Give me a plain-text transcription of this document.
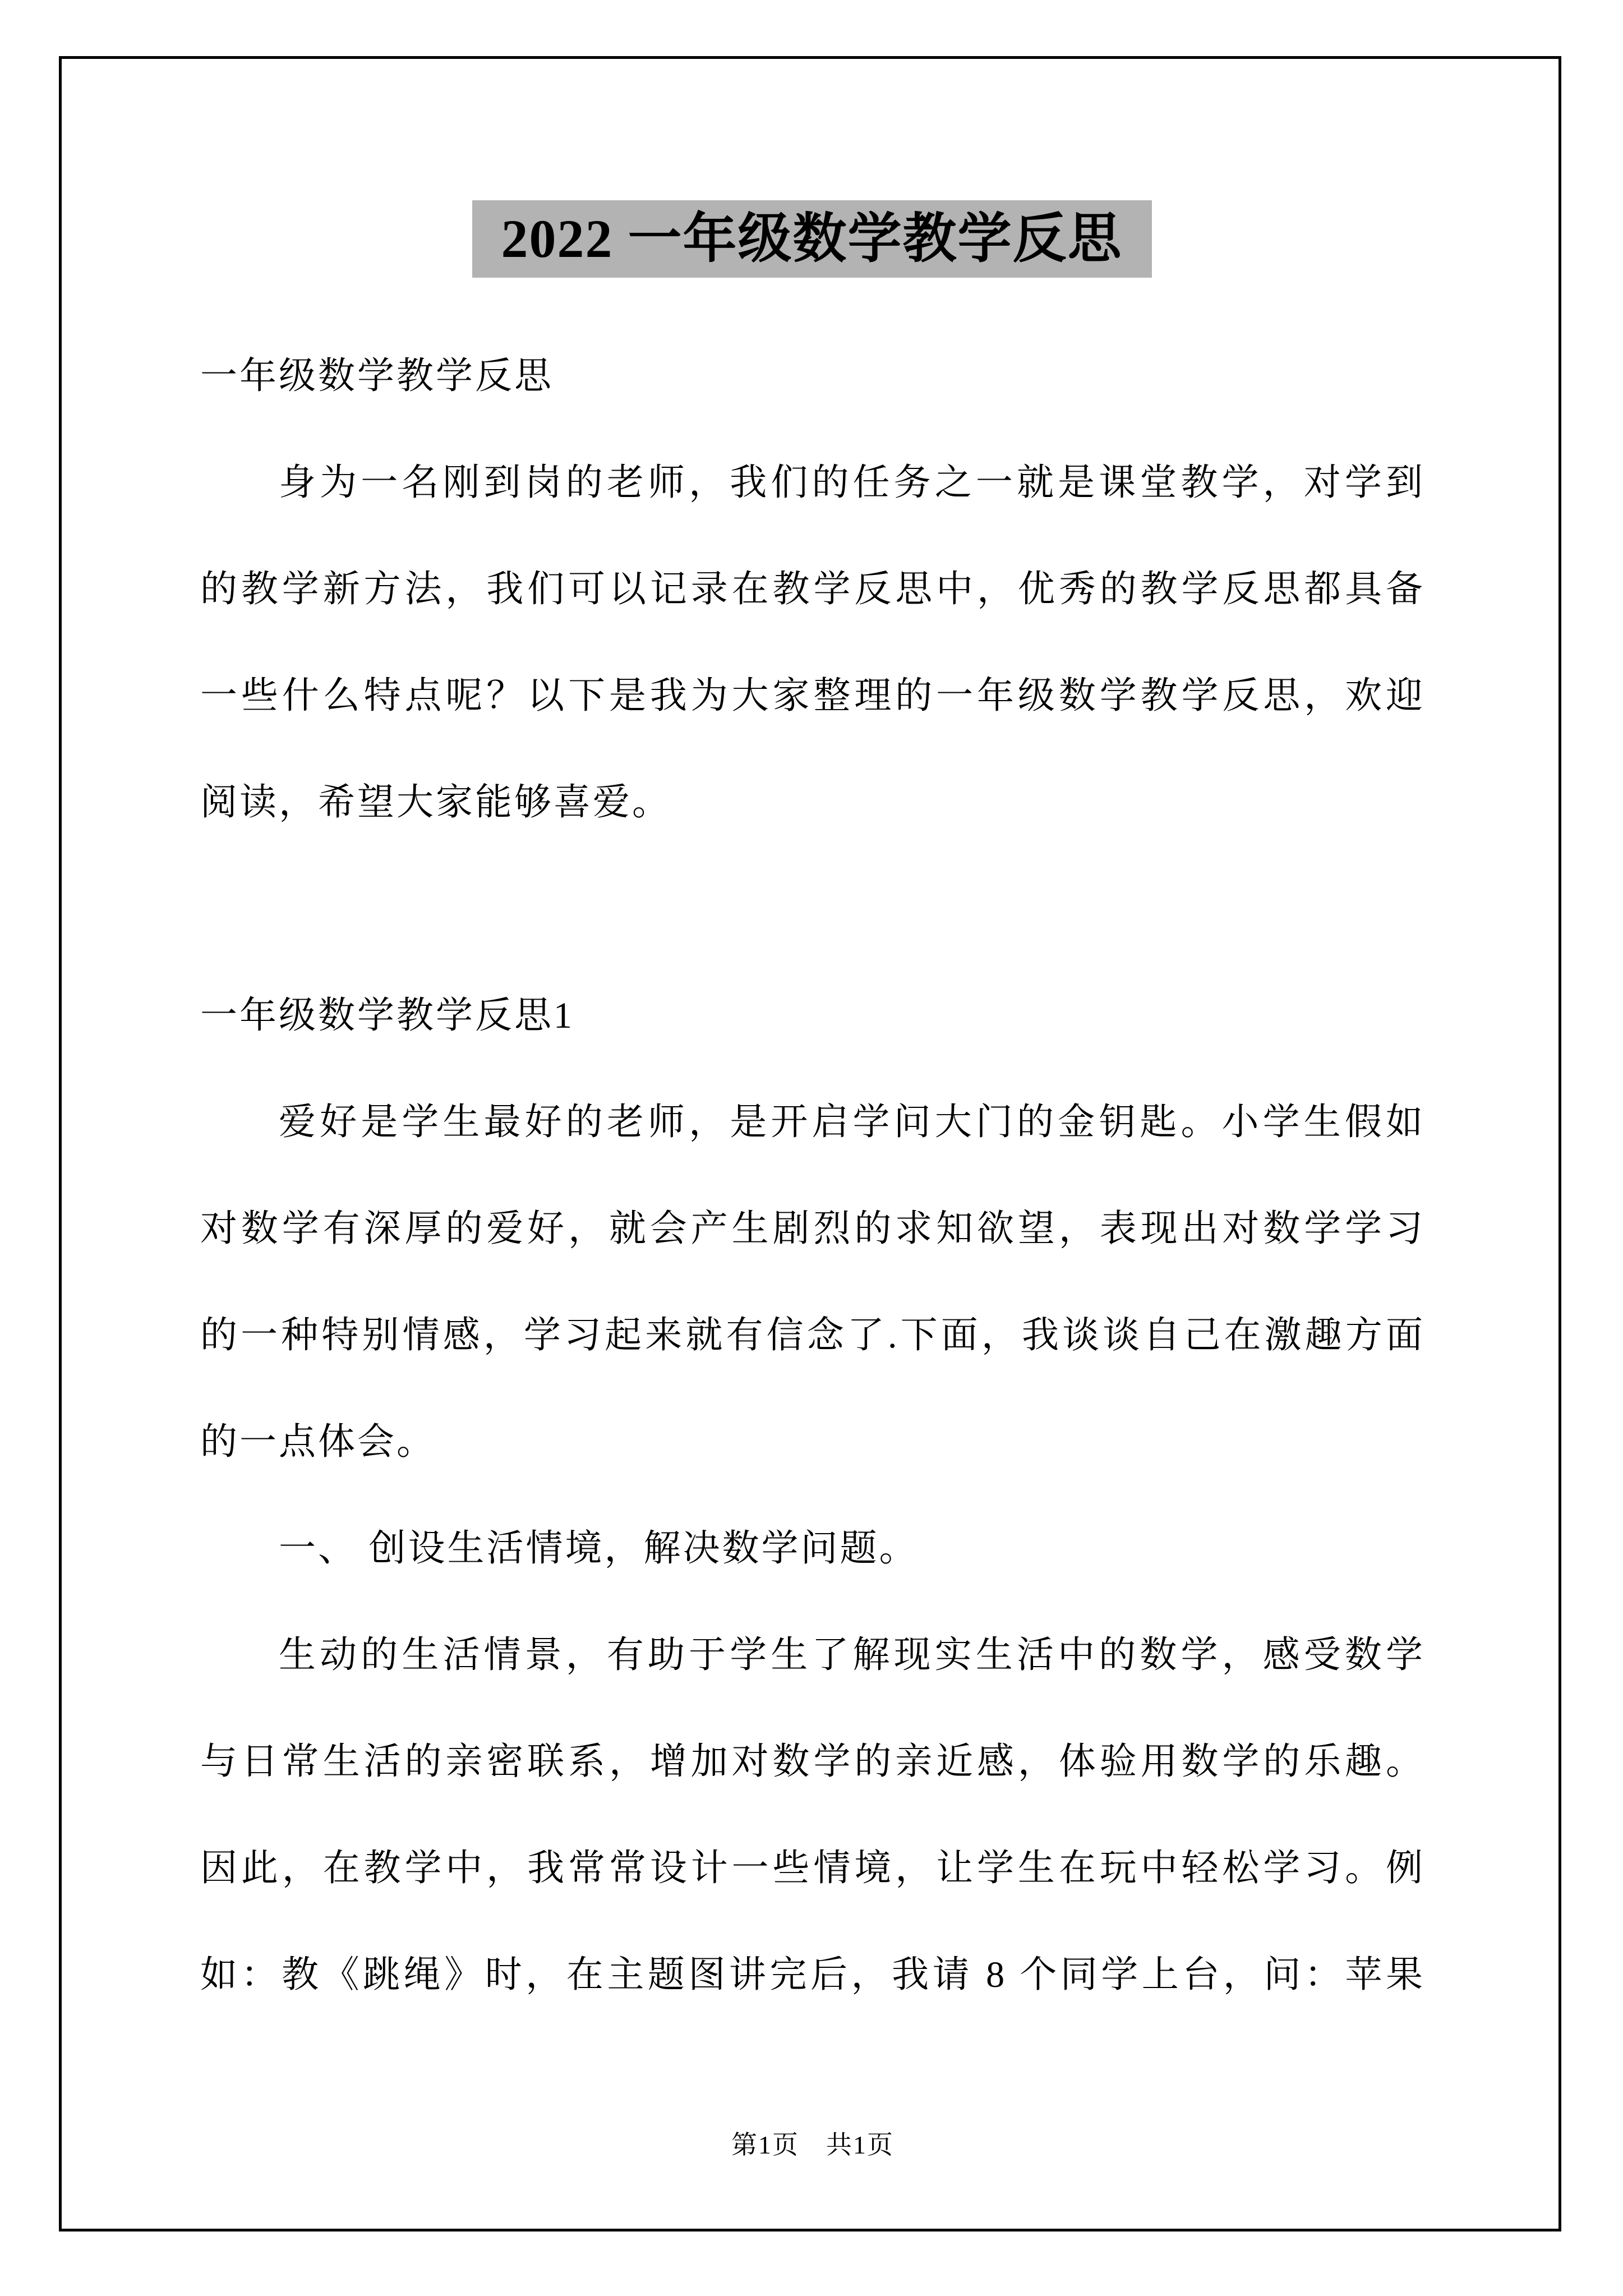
2022 一年级数学教学反思
一年级数学教学反思
身为一名刚到岗的老师，我们的任务之一就是课堂教学，对学到
的教学新方法，我们可以记录在教学反思中，优秀的教学反思都具备
一些什么特点呢？以下是我为大家整理的一年级数学教学反思，欢迎
阅读，希望大家能够喜爱。
一年级数学教学反思1
爱好是学生最好的老师，是开启学问大门的金钥匙。小学生假如
对数学有深厚的爱好，就会产生剧烈的求知欲望，表现出对数学学习
的一种特别情感，学习起来就有信念了.下面，我谈谈自己在激趣方面
的一点体会。
一、 创设生活情境，解决数学问题。
生动的生活情景，有助于学生了解现实生活中的数学，感受数学
与日常生活的亲密联系，增加对数学的亲近感，体验用数学的乐趣。
因此，在教学中，我常常设计一些情境，让学生在玩中轻松学习。例
如：教《跳绳》时，在主题图讲完后，我请 8 个同学上台，问：苹果
第1页　共1页
